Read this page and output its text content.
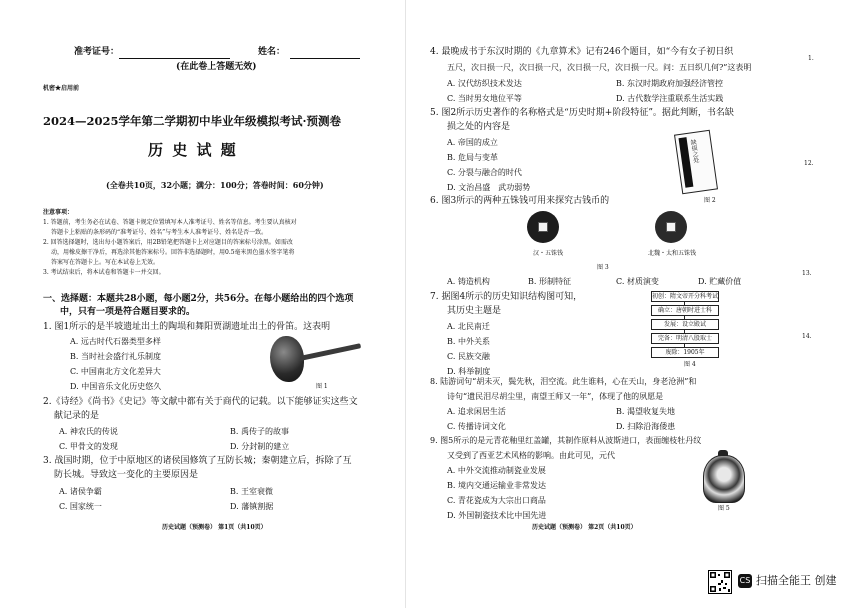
准考证号：	姓名：
(在此卷上答题无效)
机密★启用前
2024—2025学年第二学期初中毕业年级模拟考试·预测卷
历 史 试 题
(全卷共10页，32小题；满分：100分；答卷时间：60分钟)
注意事项：
1. 答题前，考生务必在试卷、答题卡规定位置填写本人准考证号、姓名等信息。考生要认真核对
答题卡上粘贴的条形码的“准考证号、姓名”与考生本人准考证号、姓名是否一致。
2. 回答选择题时，选出每小题答案后，用2B铅笔把答题卡上对应题目的答案标号涂黑。如需改
动，用橡皮擦干净后，再选涂其他答案标号。回答非选择题时，用0.5毫米黑色墨水签字笔将
答案写在答题卡上。写在本试卷上无效。
3. 考试结束后，将本试卷和答题卡一并交回。
一、选择题：本题共28小题，每小题2分，共56分。在每小题给出的四个选项
中，只有一项是符合题目要求的。
1. 图1所示的是半坡遗址出土的陶埙和舞阳贾湖遗址出土的骨笛。这表明
A. 远古时代石器类型多样
B. 当时社会盛行礼乐制度
C. 中国南北方文化差异大
D. 中国音乐文化历史悠久	图 1
2.《诗经》《尚书》《史记》等文献中都有关于商代的记载。以下能够证实这些文
献记录的是
A. 神农氏的传说	B. 禹传子的故事
C. 甲骨文的发现	D. 分封制的建立
3. 战国时期，位于中原地区的诸侯国修筑了互防长城；秦朝建立后，拆除了互
防长城。导致这一变化的主要原因是
A. 诸侯争霸	B. 王室衰微
C. 国家统一	D. 藩镇割据
历史试题（预测卷） 第1页（共10页）
4. 最晚成书于东汉时期的《九章算术》记有246个题目，如“今有女子初日织
五尺，次日损一尺，次日损一尺，次日损一尺，次日损一尺。问：五日织几何?”这表明
A. 汉代纺织技术发达	B. 东汉时期政府加强经济管控
C. 当时男女地位平等	D. 古代数学注重联系生活实践
5. 图2所示历史著作的名称格式是“历史时期+阶段特征”。据此判断，书名缺
损之处的内容是
A. 帝国的成立
B. 危局与变革
C. 分裂与融合的时代
D. 文治昌盛　武功弱势
缺损之处
图 2
6. 图3所示的两种五铢钱可用来探究古钱币的
汉・五铢钱	北魏・太和五铢钱
图 3
A. 铸造机构	B. 形制特征	C. 材质演变	D. 贮藏价值
7. 据图4所示的历史知识结构图可知，
其历史主题是
A. 北民南迁
B. 中外关系
C. 民族交融
D. 科举制度
初创：隋文帝开分科考试
确立：唐朝时进士科
发展：设立殿试
完备：明清八股取士
废除：1905年
图 4
8. 陆游词句“胡未灭，鬓先秋，泪空流。此生谁料，心在天山，身老沧洲”和
诗句“遗民泪尽胡尘里，南望王师又一年”，体现了他的夙愿是
A. 追求闲居生活	B. 渴望收复失地
C. 传播诗词文化	D. 扫除沿海倭患
9. 图5所示的是元青花釉里红盖罐，其制作原料从波斯进口，表面缠枝牡丹纹
又受到了西亚艺术风格的影响。由此可见，元代
A. 中外交流推动制瓷业发展
B. 境内交通运输业非常发达
C. 青花瓷成为大宗出口商品
D. 外国制瓷技术比中国先进
图 5
历史试题（预测卷） 第2页（共10页）
1.
12.
13.
14.
CS 扫描全能王 创建
